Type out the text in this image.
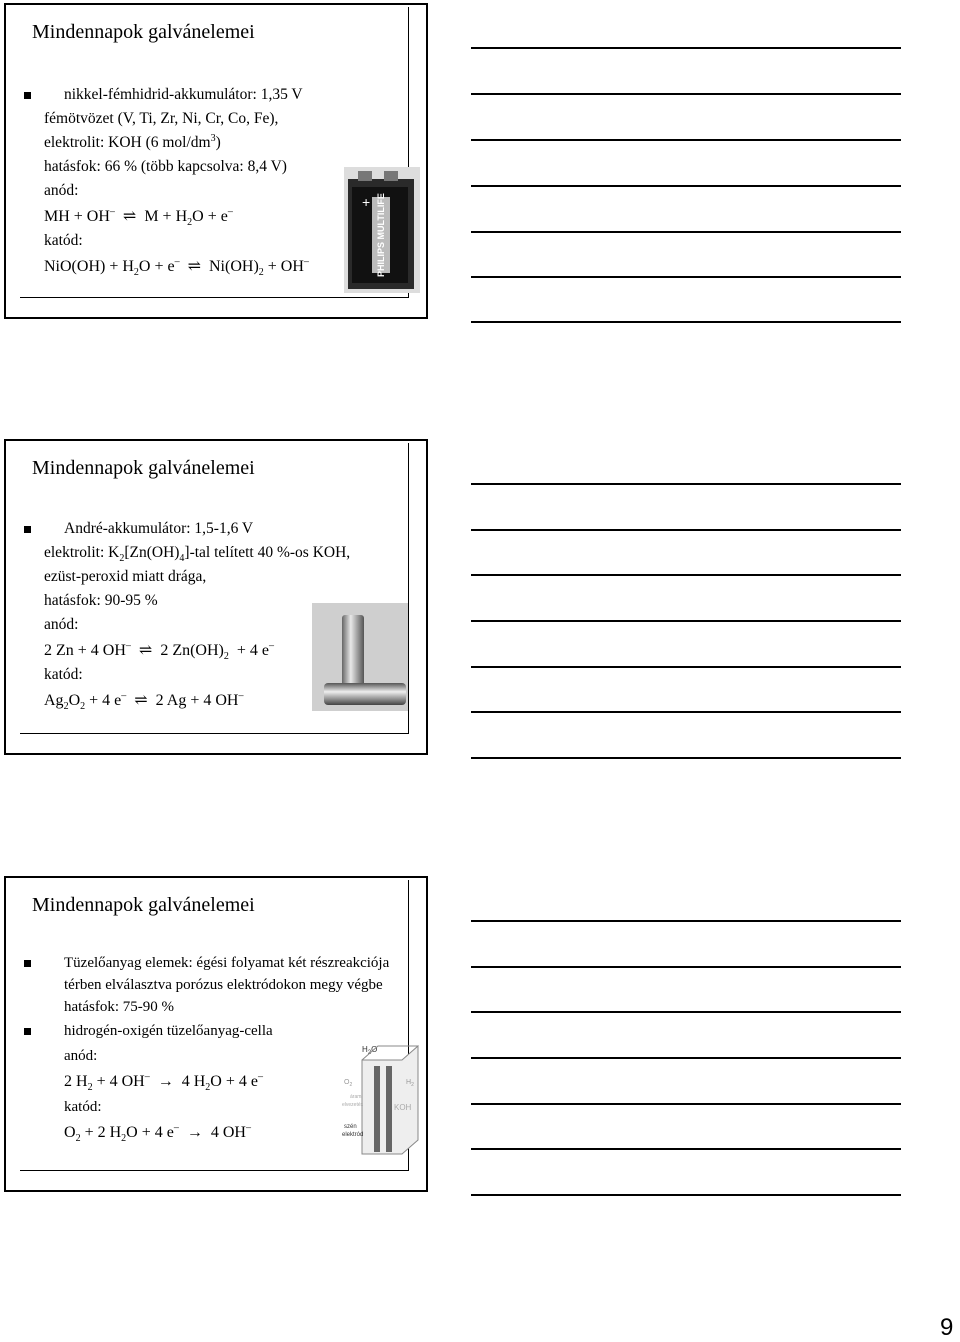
Mindennapok galvánelemei
nikkel-fémhidrid-akkumulátor: 1,35 V
fémötvözet (V, Ti, Zr, Ni, Cr, Co, Fe),
elektrolit: KOH (6 mol/$dm^3$)
hatásfok: 66 % (több kapcsolva: 8,4 V)
anód:
MH + OH– ⇌ $M + H_2O + e^-$
katód:
$NiO(OH) + H_2O + e^-$ ⇌ $Ni(OH)_2 + OH^-$
+ PHILIPS MULTILIFE
Mindennapok galvánelemei
André-akkumulátor: 1,5-1,6 V
elektrolit: $K_2[Zn(OH)_4]$-tal telített 40 %-os KOH,
ezüst-peroxid miatt drága,
hatásfok: 90-95 %
anód:
2 Zn + 4 OH– ⇌ 2 $Zn(OH)_2 + 4$ e–
katód:
$Ag_2O_2 + 4$ e– ⇌ 2 Ag + 4 OH–
Mindennapok galvánelemei
Tüzelőanyag elemek: égési folyamat két részreakciója
térben elválasztva porózus elektródokon megy végbe
hatásfok: 75-90 %
hidrogén-oxigén tüzelőanyag-cella
anód:
2 $H_2 + 4$ OH– → 4 $H_2O + 4$ e–
katód:
$O_2 + 2$ $H_2O + 4$ e– → 4 OH–
$H_2O$
$O_2$	$H_2$
KOH
áram
elvezetés
szén
elektród
9
